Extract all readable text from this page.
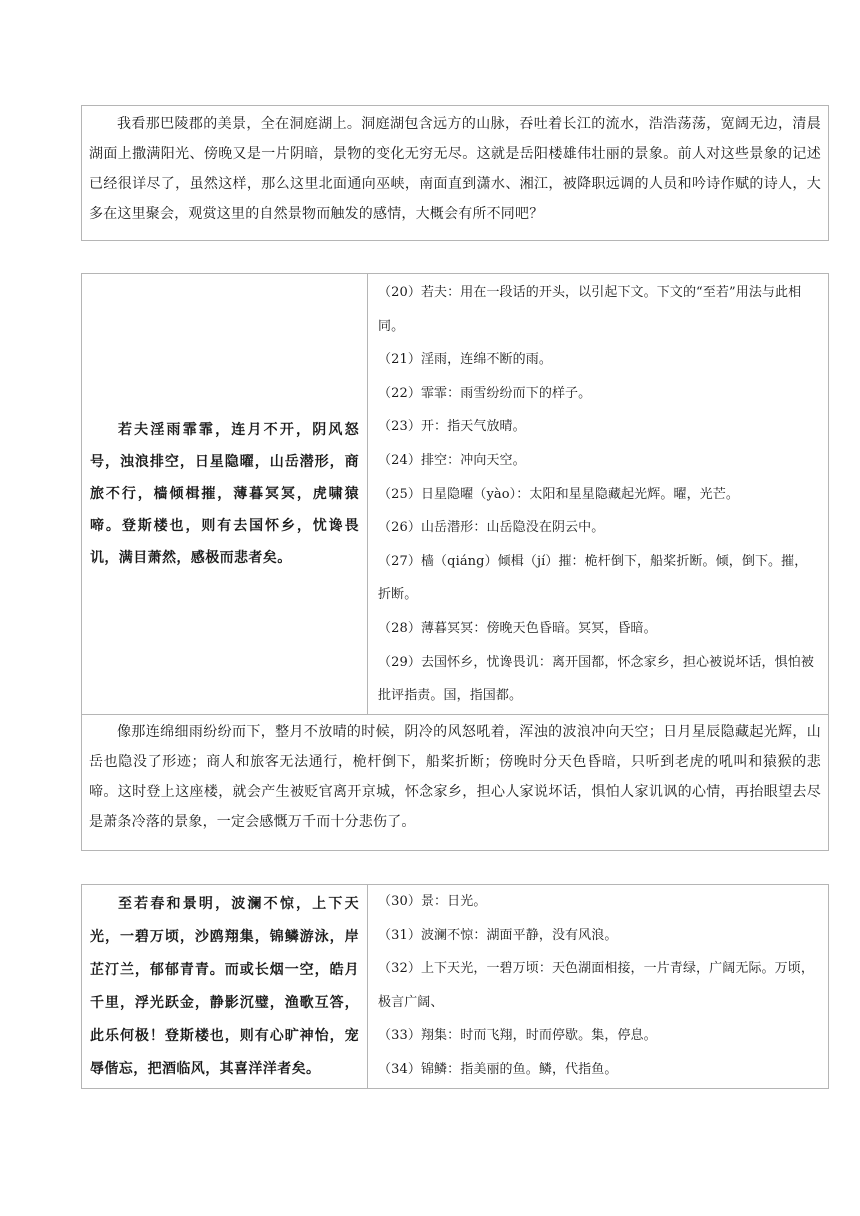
我看那巴陵郡的美景，全在洞庭湖上。洞庭湖包含远方的山脉，吞吐着长江的流水，浩浩荡荡，宽阔无边，清晨湖面上撒满阳光、傍晚又是一片阴暗，景物的变化无穷无尽。这就是岳阳楼雄伟壮丽的景象。前人对这些景象的记述已经很详尽了，虽然这样，那么这里北面通向巫峡，南面直到潇水、湘江，被降职远调的人员和吟诗作赋的诗人，大多在这里聚会，观赏这里的自然景物而触发的感情，大概会有所不同吧？

若夫淫雨霏霏，连月不开，阴风怒号，浊浪排空，日星隐曜，山岳潜形，商旅不行，樯倾楫摧，薄暮冥冥，虎啸猿啼。登斯楼也，则有去国怀乡，忧谗畏讥，满目萧然，感极而悲者矣。

（20）若夫：用在一段话的开头，以引起下文。下文的“至若”用法与此相同。

（21）淫雨，连绵不断的雨。

（22）霏霏：雨雪纷纷而下的样子。

（23）开：指天气放晴。

（24）排空：冲向天空。

（25）日星隐曜（yào）：太阳和星星隐藏起光辉。曜，光芒。

（26）山岳潜形：山岳隐没在阴云中。

（27）樯（qiáng）倾楫（jí）摧：桅杆倒下，船桨折断。倾，倒下。摧，折断。

（28）薄暮冥冥：傍晚天色昏暗。冥冥，昏暗。

（29）去国怀乡，忧谗畏讥：离开国都，怀念家乡，担心被说坏话，惧怕被批评指责。国，指国都。

像那连绵细雨纷纷而下，整月不放晴的时候，阴冷的风怒吼着，浑浊的波浪冲向天空；日月星辰隐藏起光辉，山岳也隐没了形迹；商人和旅客无法通行，桅杆倒下，船桨折断；傍晚时分天色昏暗，只听到老虎的吼叫和猿猴的悲啼。这时登上这座楼，就会产生被贬官离开京城，怀念家乡，担心人家说坏话，惧怕人家讥讽的心情，再抬眼望去尽是萧条冷落的景象，一定会感慨万千而十分悲伤了。

至若春和景明，波澜不惊，上下天光，一碧万顷，沙鸥翔集，锦鳞游泳，岸芷汀兰，郁郁青青。而或长烟一空，皓月千里，浮光跃金，静影沉璧，渔歌互答，此乐何极！登斯楼也，则有心旷神怡，宠辱偕忘，把酒临风，其喜洋洋者矣。

（30）景：日光。

（31）波澜不惊：湖面平静，没有风浪。

（32）上下天光，一碧万顷：天色湖面相接，一片青绿，广阔无际。万顷，极言广阔、

（33）翔集：时而飞翔，时而停歇。集，停息。

（34）锦鳞：指美丽的鱼。鳞，代指鱼。
